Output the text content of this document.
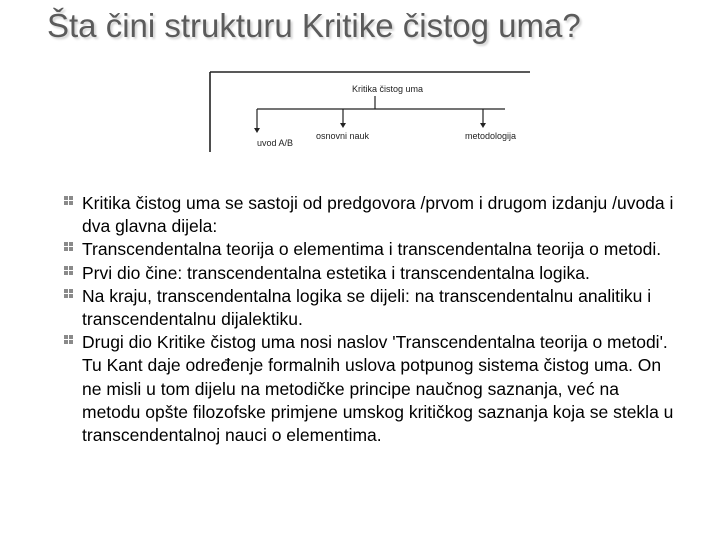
Šta čini strukturu Kritike čistog uma?
Kritika čistog uma
uvod A/B
osnovni nauk	metodologija
Kritika čistog uma se sastoji od predgovora /prvom i drugom izdanju /uvoda i dva glavna dijela:
Transcendentalna teorija o elementima i transcendentalna teorija o metodi.
Prvi dio čine: transcendentalna estetika i transcendentalna logika.
Na kraju, transcendentalna logika se dijeli: na transcendentalnu analitiku i transcendentalnu dijalektiku.
Drugi dio Kritike čistog uma nosi naslov 'Transcendentalna teorija o metodi'. Tu Kant daje određenje formalnih uslova potpunog sistema čistog uma. On ne misli u tom dijelu na metodičke principe naučnog saznanja, već na metodu opšte filozofske primjene umskog kritičkog saznanja koja se stekla u transcendentalnoj nauci o elementima.
